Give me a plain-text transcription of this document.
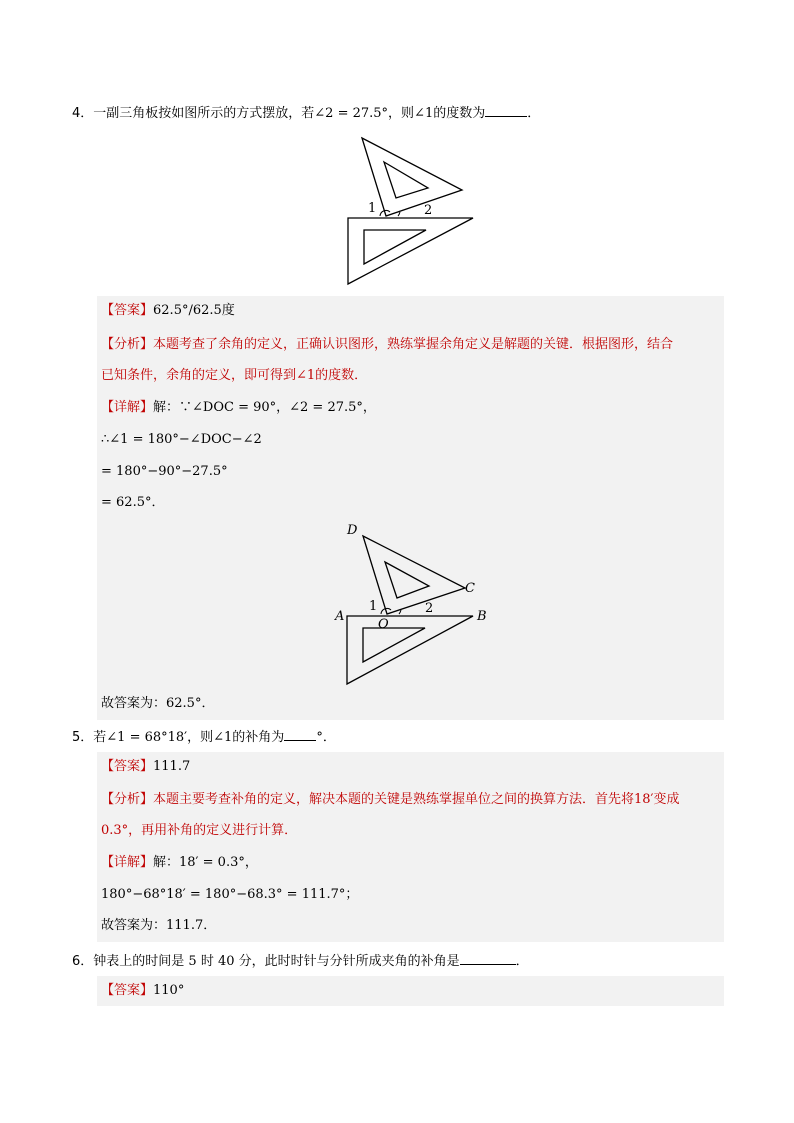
4．一副三角板按如图所示的方式摆放，若∠2 = 27.5°，则∠1的度数为	．
1	2
【答案】62.5°/62.5度
【分析】本题考查了余角的定义，正确认识图形，熟练掌握余角定义是解题的关键．根据图形，结合
已知条件，余角的定义，即可得到∠1的度数．
【详解】解：∵∠DOC = 90°，∠2 = 27.5°，
∴∠1 = 180°−∠DOC−∠2
= 180°−90°−27.5°
= 62.5°．
D
C
A
O
B
1	2
故答案为：62.5°．
5．若∠1 = 68°18′，则∠1的补角为 °．
【答案】111.7
【分析】本题主要考查补角的定义，解决本题的关键是熟练掌握单位之间的换算方法．首先将18′变成
0.3°，再用补角的定义进行计算．
【详解】解：18′ = 0.3°，
180°−68°18′ = 180°−68.3° = 111.7°；
故答案为：111.7．
6．钟表上的时间是 5 时 40 分，此时时针与分针所成夹角的补角是	．
【答案】110°
